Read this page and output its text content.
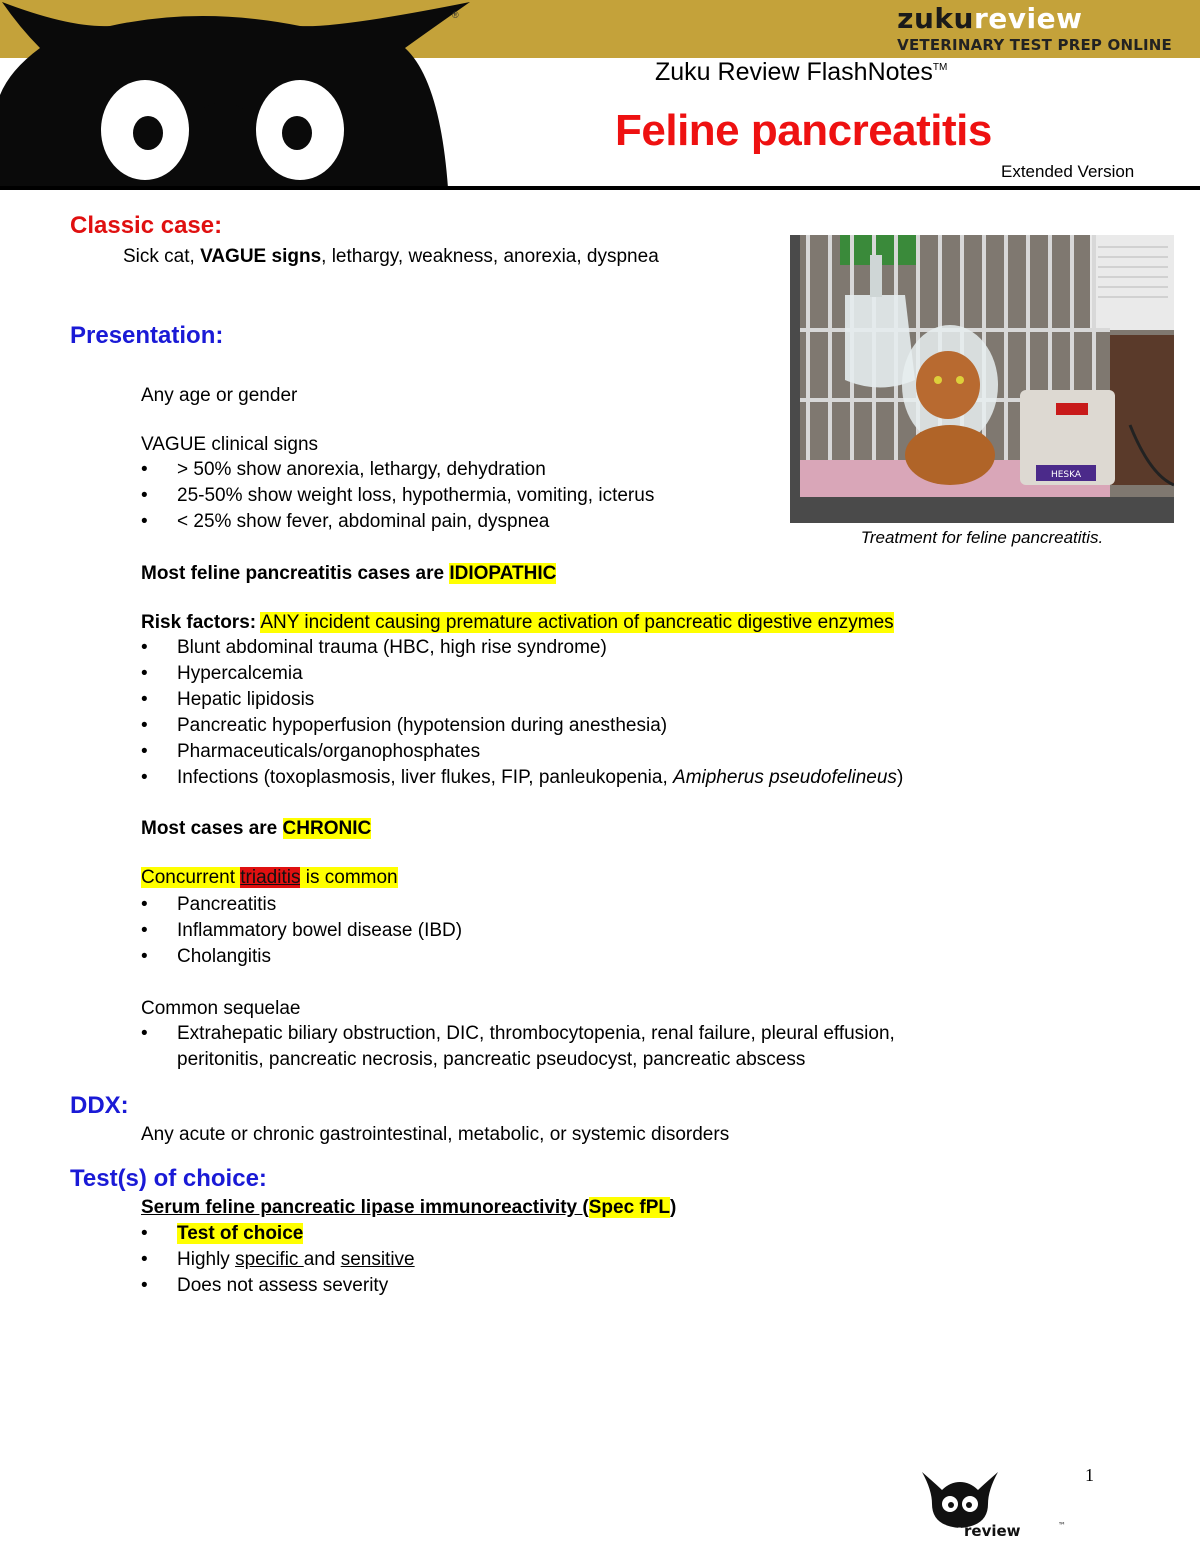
®	zukureview
VETERINARY TEST PREP ONLINE
Zuku Review FlashNotes™
Feline pancreatitis
Extended Version
Classic case:
Sick cat, VAGUE signs, lethargy, weakness, anorexia, dyspnea
Presentation:
Any age or gender
VAGUE clinical signs
• > 50% show anorexia, lethargy, dehydration
• 25-50% show weight loss, hypothermia, vomiting, icterus
• < 25% show fever, abdominal pain, dyspnea
Most feline pancreatitis cases are IDIOPATHIC
Risk factors: ANY incident causing premature activation of pancreatic digestive enzymes
• Blunt abdominal trauma (HBC, high rise syndrome)
• Hypercalcemia
• Hepatic lipidosis
• Pancreatic hypoperfusion (hypotension during anesthesia)
• Pharmaceuticals/organophosphates
• Infections (toxoplasmosis, liver flukes, FIP, panleukopenia, Amipherus pseudofelineus)
Most cases are CHRONIC
Concurrent triaditis is common
• Pancreatitis
• Inflammatory bowel disease (IBD)
• Cholangitis
Common sequelae
• Extrahepatic biliary obstruction, DIC, thrombocytopenia, renal failure, pleural effusion,
peritonitis, pancreatic necrosis, pancreatic pseudocyst, pancreatic abscess
DDX:
Any acute or chronic gastrointestinal, metabolic, or systemic disorders
Test(s) of choice:
Serum feline pancreatic lipase immunoreactivity (Spec fPL)
• Test of choice
• Highly specific and sensitive
• Does not assess severity
HESKA
Treatment for feline pancreatitis.
1
zuku review	™
